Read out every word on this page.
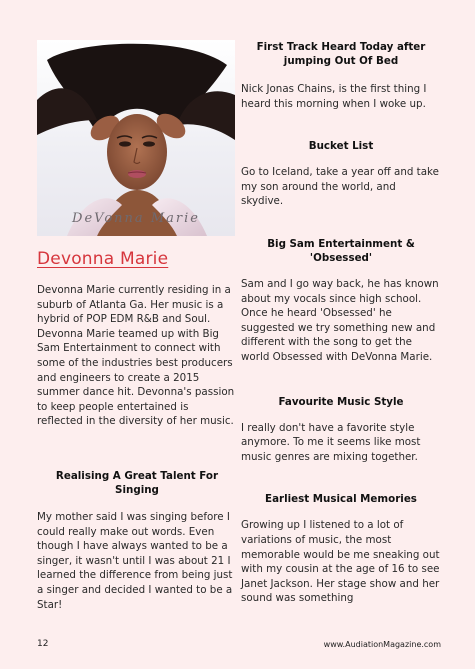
DeVonna Marie
Devonna Marie

Devonna Marie currently residing in a suburb of Atlanta Ga. Her music is a hybrid of POP EDM R&B and Soul. Devonna Marie teamed up with Big Sam Entertainment to connect with some of the industries best producers and engineers to create a 2015 summer dance hit. Devonna's passion to keep people entertained is reflected in the diversity of her music.

Realising A Great Talent For Singing

My mother said I was singing before I could really make out words. Even though I have always wanted to be a singer, it wasn't until I was about 21 I learned the difference from being just a singer and decided I wanted to be a Star!

First Track Heard Today after jumping Out Of Bed

Nick Jonas Chains, is the first thing I heard this morning when I woke up.

Bucket List

Go to Iceland, take a year off and take my son around the world, and skydive.

Big Sam Entertainment & 'Obsessed'

Sam and I go way back, he has known about my vocals since high school. Once he heard 'Obsessed' he suggested we try something new and different with the song to get the world Obsessed with DeVonna Marie.

Favourite Music Style

I really don't have a favorite style anymore. To me it seems like most music genres are mixing together.

Earliest Musical Memories

Growing up I listened to a lot of variations of music, the most memorable would be me sneaking out with my cousin at the age of 16 to see Janet Jackson. Her stage show and her sound was something

12	www.AudiationMagazine.com
